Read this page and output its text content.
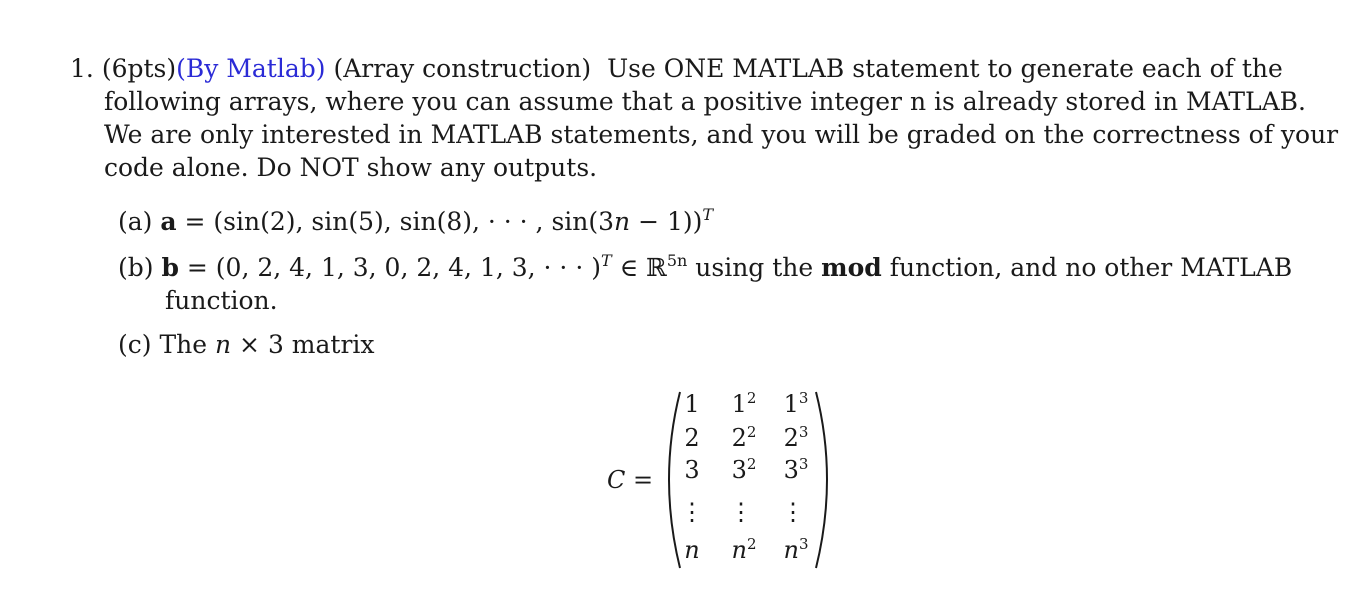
1. (6pts)(By Matlab) (Array construction) Use ONE MATLAB statement to generate each of the
following arrays, where you can assume that a positive integer n is already stored in MATLAB.
We are only interested in MATLAB statements, and you will be graded on the correctness of your
code alone. Do NOT show any outputs.
(a) a = (sin(2), sin(5), sin(8), · · · , sin(3n − 1))$^T$
(b) b = (0, 2, 4, 1, 3, 0, 2, 4, 1, 3, · · · )$^T$ ∈ ℝ$^{5n}$ using the mod function, and no other MATLAB
function.
(c) The n × 3 matrix
C =
1 $1^2$ $1^3$
2 $2^2$ $2^3$
3 $3^2$ $3^3$
⋮ ⋮ ⋮
n	$n^2$	$n^3$
